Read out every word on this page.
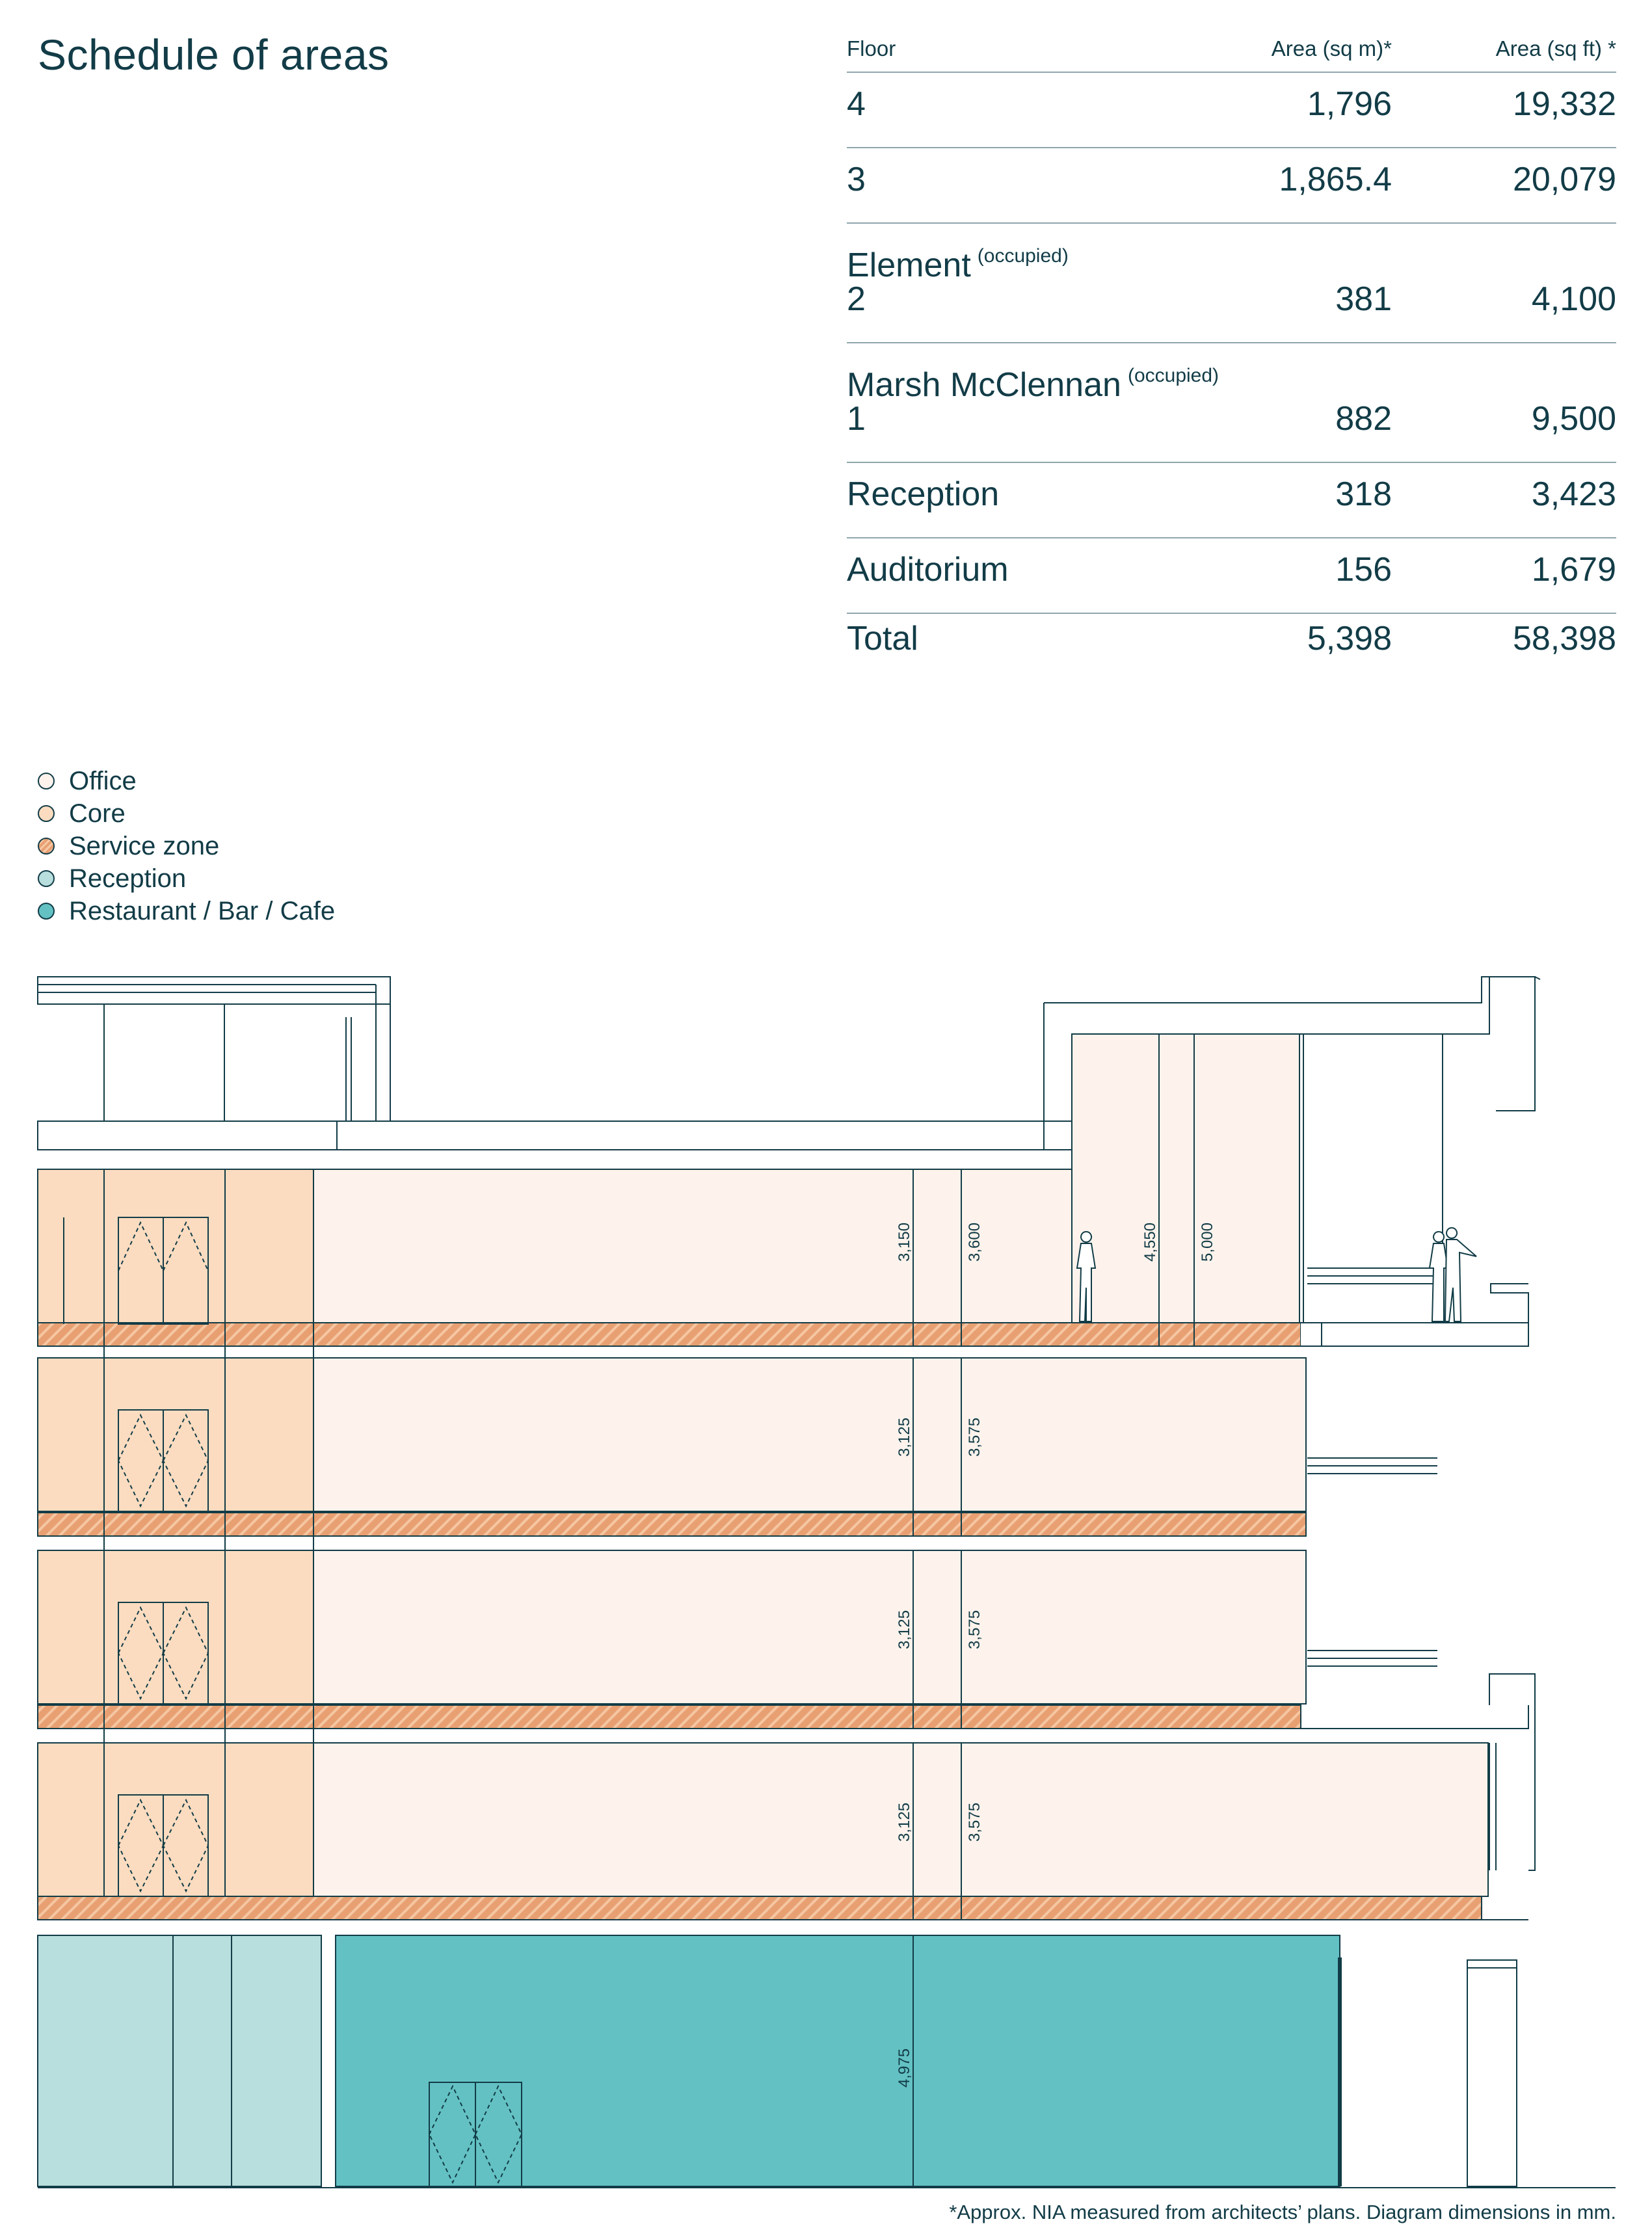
Schedule of areas	Floor	Area (sq m)*	Area (sq ft) *
4	1,796	19,332
3	1,865.4	20,079
Element $^{(occupied)}$
2	381	4,100
Marsh McClennan $^{(occupied)}$
1	882	9,500
Reception	318	3,423
Auditorium	156	1,679
Total	5,398	58,398
Office
Core
Service zone
Reception
Restaurant / Bar / Cafe
3,150	3,600	4,550	5,000
3,125	3,575
3,125	3,575
3,125	3,575
4,975
*Approx. NIA measured from architects’ plans. Diagram dimensions in mm.
